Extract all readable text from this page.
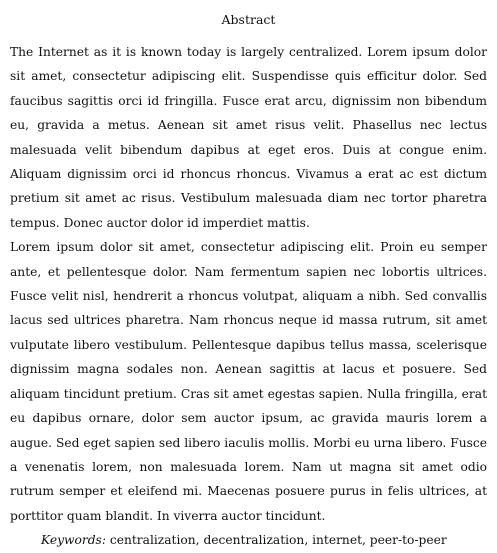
Abstract

The Internet as it is known today is largely centralized. Lorem ipsum dolor sit amet, consectetur adipiscing elit. Suspendisse quis efficitur dolor. Sed faucibus sagittis orci id fringilla. Fusce erat arcu, dignissim non bibendum eu, gravida a metus. Aenean sit amet risus velit. Phasellus nec lectus malesuada velit bibendum dapibus at eget eros. Duis at congue enim. Aliquam dignissim orci id rhoncus rhoncus. Vivamus a erat ac est dictum pretium sit amet ac risus. Vestibulum malesuada diam nec tortor pharetra tempus. Donec auctor dolor id imperdiet mattis.

Lorem ipsum dolor sit amet, consectetur adipiscing elit. Proin eu semper ante, et pellentesque dolor. Nam fermentum sapien nec lobortis ultrices. Fusce velit nisl, hendrerit a rhoncus volutpat, aliquam a nibh. Sed convallis lacus sed ultrices pharetra. Nam rhoncus neque id massa rutrum, sit amet vulputate libero vestibulum. Pellentesque dapibus tellus massa, scelerisque dignissim magna sodales non. Aenean sagittis at lacus et posuere. Sed aliquam tincidunt pretium. Cras sit amet egestas sapien. Nulla fringilla, erat eu dapibus ornare, dolor sem auctor ipsum, ac gravida mauris lorem a augue. Sed eget sapien sed libero iaculis mollis. Morbi eu urna libero. Fusce a venenatis lorem, non malesuada lorem. Nam ut magna sit amet odio rutrum semper et eleifend mi. Maecenas posuere purus in felis ultrices, at porttitor quam blandit. In viverra auctor tincidunt.

Keywords: centralization, decentralization, internet, peer-to-peer
